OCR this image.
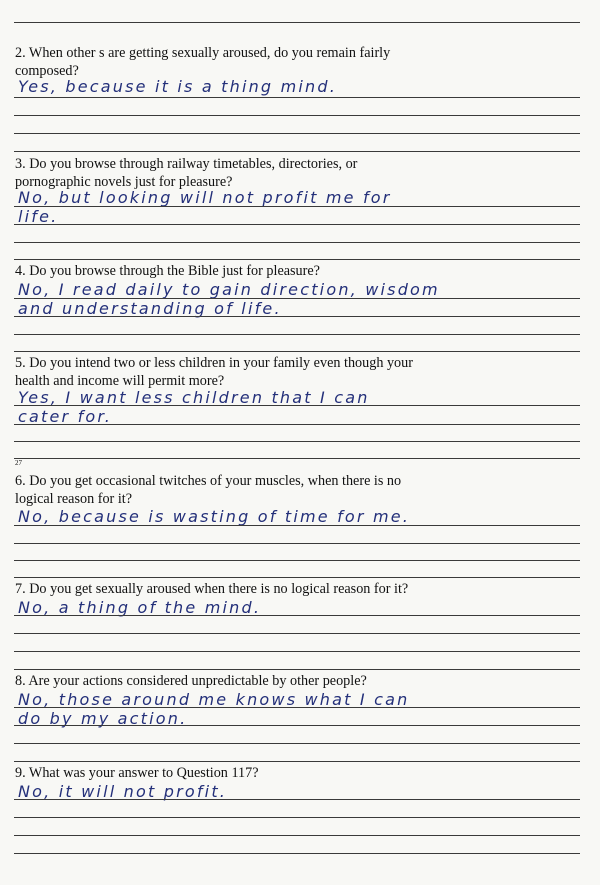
2. When other s are getting sexually aroused, do you remain fairly
composed?
Yes, because it is a thing mind.
3. Do you browse through railway timetables, directories, or
pornographic novels just for pleasure?
No, but looking will not profit me for
life.
4. Do you browse through the Bible just for pleasure?
No, I read daily to gain direction, wisdom
and understanding of life.
5. Do you intend two or less children in your family even though your
health and income will permit more?
Yes, I want less children that I can
cater for.
27
6. Do you get occasional twitches of your muscles, when there is no
logical reason for it?
No, because is wasting of time for me.
7. Do you get sexually aroused when there is no logical reason for it?
No, a thing of the mind.
8. Are your actions considered unpredictable by other people?
No, those around me knows what I can
do by my action.
9. What was your answer to Question 117?
No, it will not profit.
